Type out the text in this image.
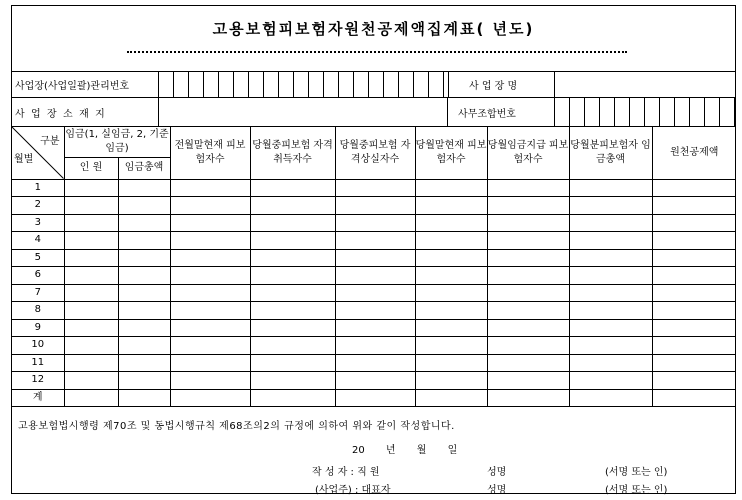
고용보험피보험자원천공제액집계표( 년도)
사업장(사업일괄)관리번호	사 업 장 명
사  업  장  소  재  지	사무조합번호
구분
월별	임금(1, 실임금, 2, 기준임금)		전월말현재 피보험자수	당월중피보험 자격취득자수	당월중피보험 자격상실자수	당월말현재 피보험자수	당월임금지급 피보험자수	당월분피보험자 임금총액	원천공제액
	인 원	임금총액							
1									
2									
3									
4									
5									
6									
7									
8									
9									
10									
11									
12									
계									
고용보험법시행령 제70조 및 동법시행규칙 제68조의2의 규정에 의하여 위와 같이 작성합니다.
20 년 월 일
작 성 자 : 직 원	성명	(서명 또는 인)
(사업주) : 대표자	성명	(서명 또는 인)
